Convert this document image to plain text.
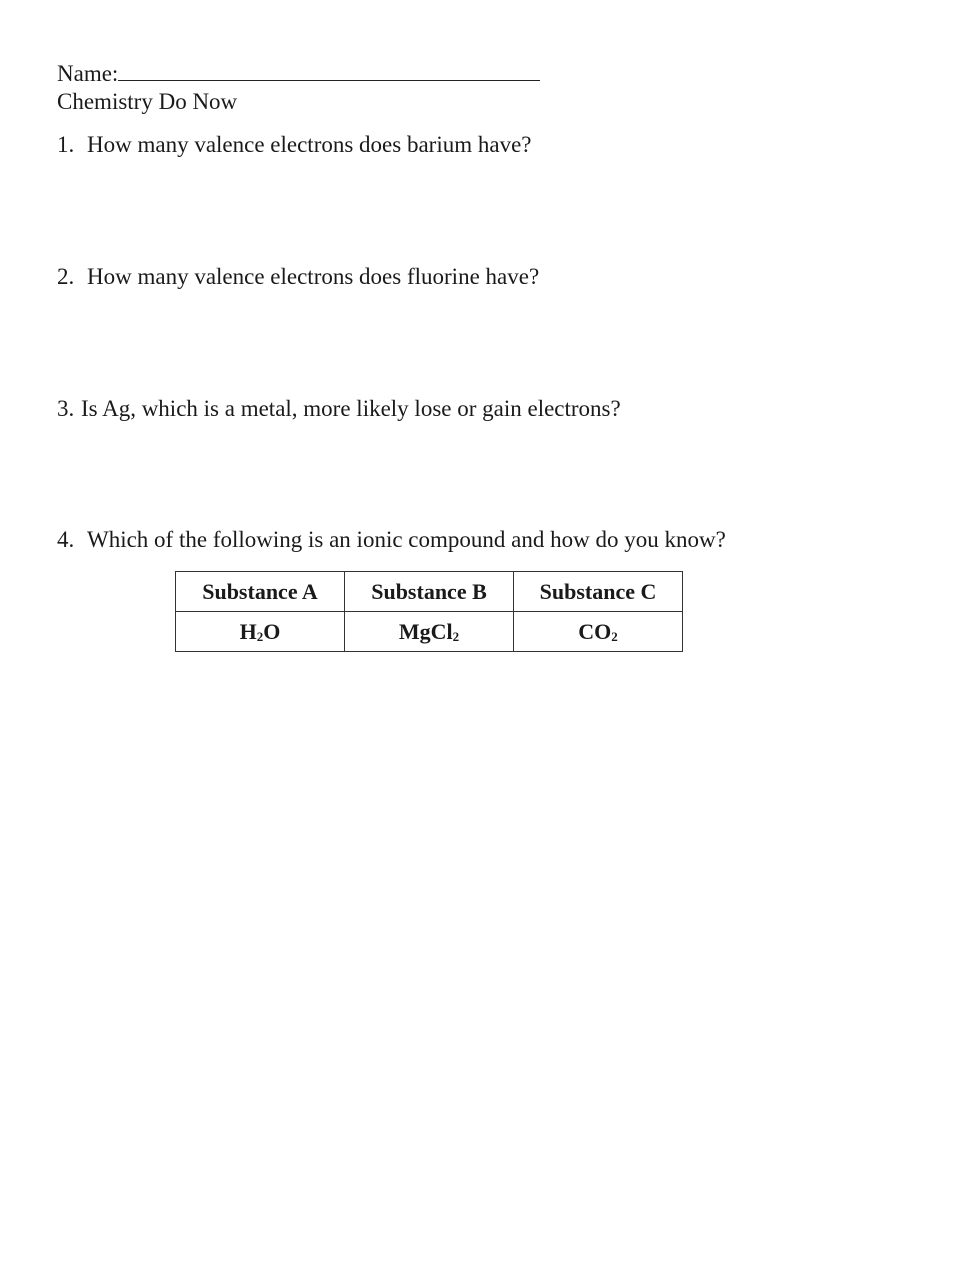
Name:
Chemistry Do Now
1. How many valence electrons does barium have?
2. How many valence electrons does fluorine have?
3. Is Ag, which is a metal, more likely lose or gain electrons?
4. Which of the following is an ionic compound and how do you know?
Substance A	Substance B	Substance C
$H_2O$	MgCl$_2$	$CO_2$
